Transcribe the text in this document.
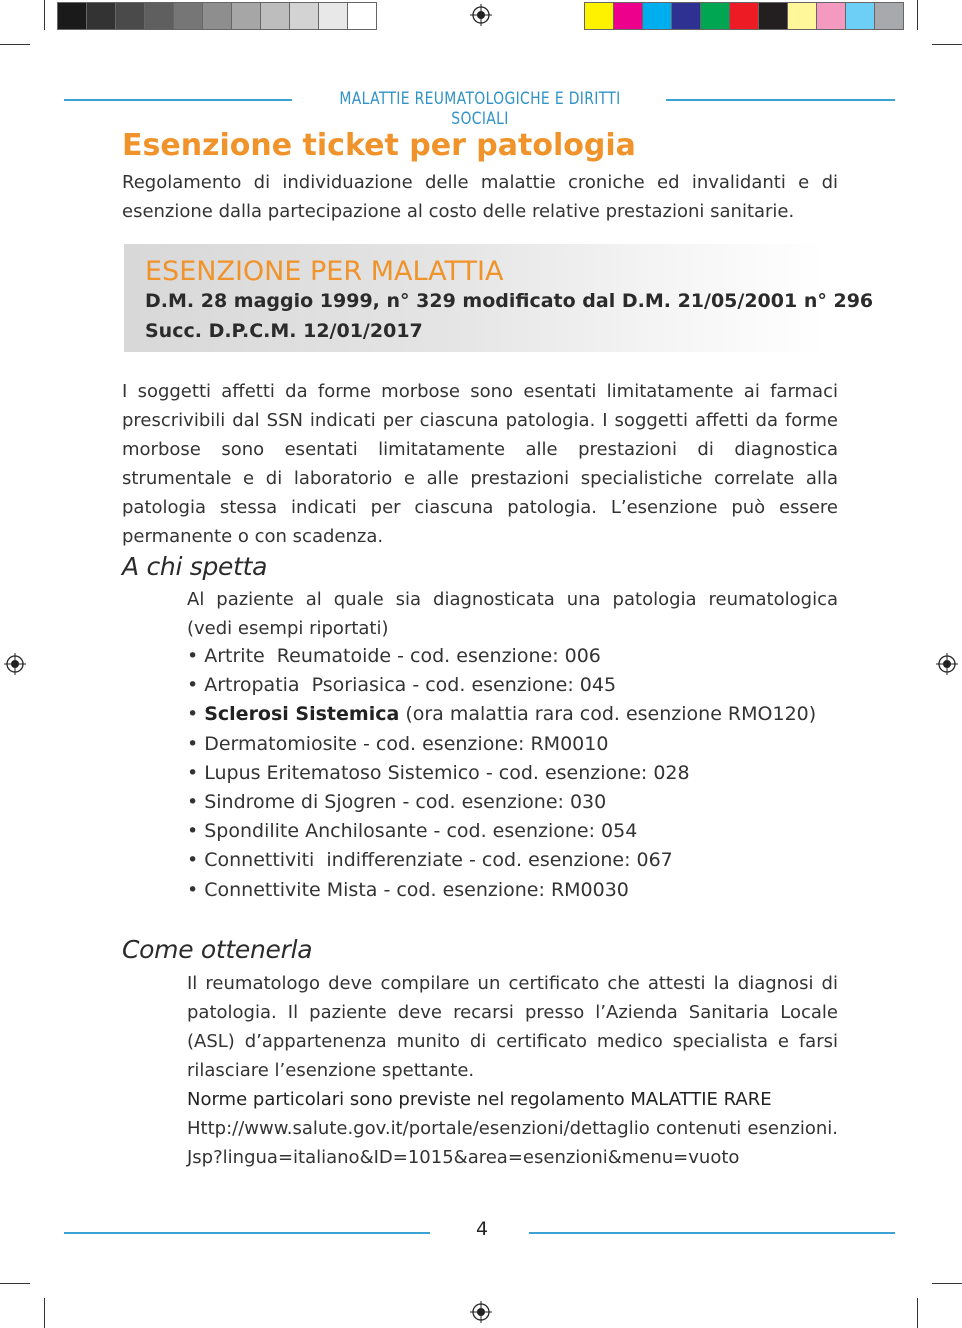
MALATTIE REUMATOLOGICHE E DIRITTI SOCIALI
Esenzione ticket per patologia
Regolamento di individuazione delle malattie croniche ed invalidanti e di esenzione dalla partecipazione al costo delle relative prestazioni sanitarie.
ESENZIONE PER MALATTIA
D.M. 28 maggio 1999, n° 329 modificato dal D.M. 21/05/2001 n° 296
Succ. D.P.C.M. 12/01/2017
I soggetti affetti da forme morbose sono esentati limitatamente ai farmaci prescrivibili dal SSN indicati per ciascuna patologia. I soggetti affetti da forme morbose sono esentati limitatamente alle prestazioni di diagnostica strumentale e di laboratorio e alle prestazioni specialistiche correlate alla patologia stessa indicati per ciascuna patologia. L’esenzione può essere permanente o con scadenza.
A chi spetta
Al paziente al quale sia diagnosticata una patologia reumatologica (vedi esempi riportati)
• Artrite  Reumatoide - cod. esenzione: 006
• Artropatia  Psoriasica - cod. esenzione: 045
• Sclerosi Sistemica (ora malattia rara cod. esenzione RMO120)
• Dermatomiosite - cod. esenzione: RM0010
• Lupus Eritematoso Sistemico - cod. esenzione: 028
• Sindrome di Sjogren - cod. esenzione: 030
• Spondilite Anchilosante - cod. esenzione: 054
• Connettiviti  indifferenziate - cod. esenzione: 067
• Connettivite Mista - cod. esenzione: RM0030
Come ottenerla
Il reumatologo deve compilare un certificato che attesti la diagnosi di patologia. Il paziente deve recarsi presso l’Azienda Sanitaria Locale (ASL) d’appartenenza munito di certificato medico specialista e farsi rilasciare l’esenzione spettante.
Norme particolari sono previste nel regolamento MALATTIE RARE
Http://www.salute.gov.it/portale/esenzioni/dettaglio contenuti esenzioni.Jsp?lingua=italiano&ID=1015&area=esenzioni&menu=vuoto
4
